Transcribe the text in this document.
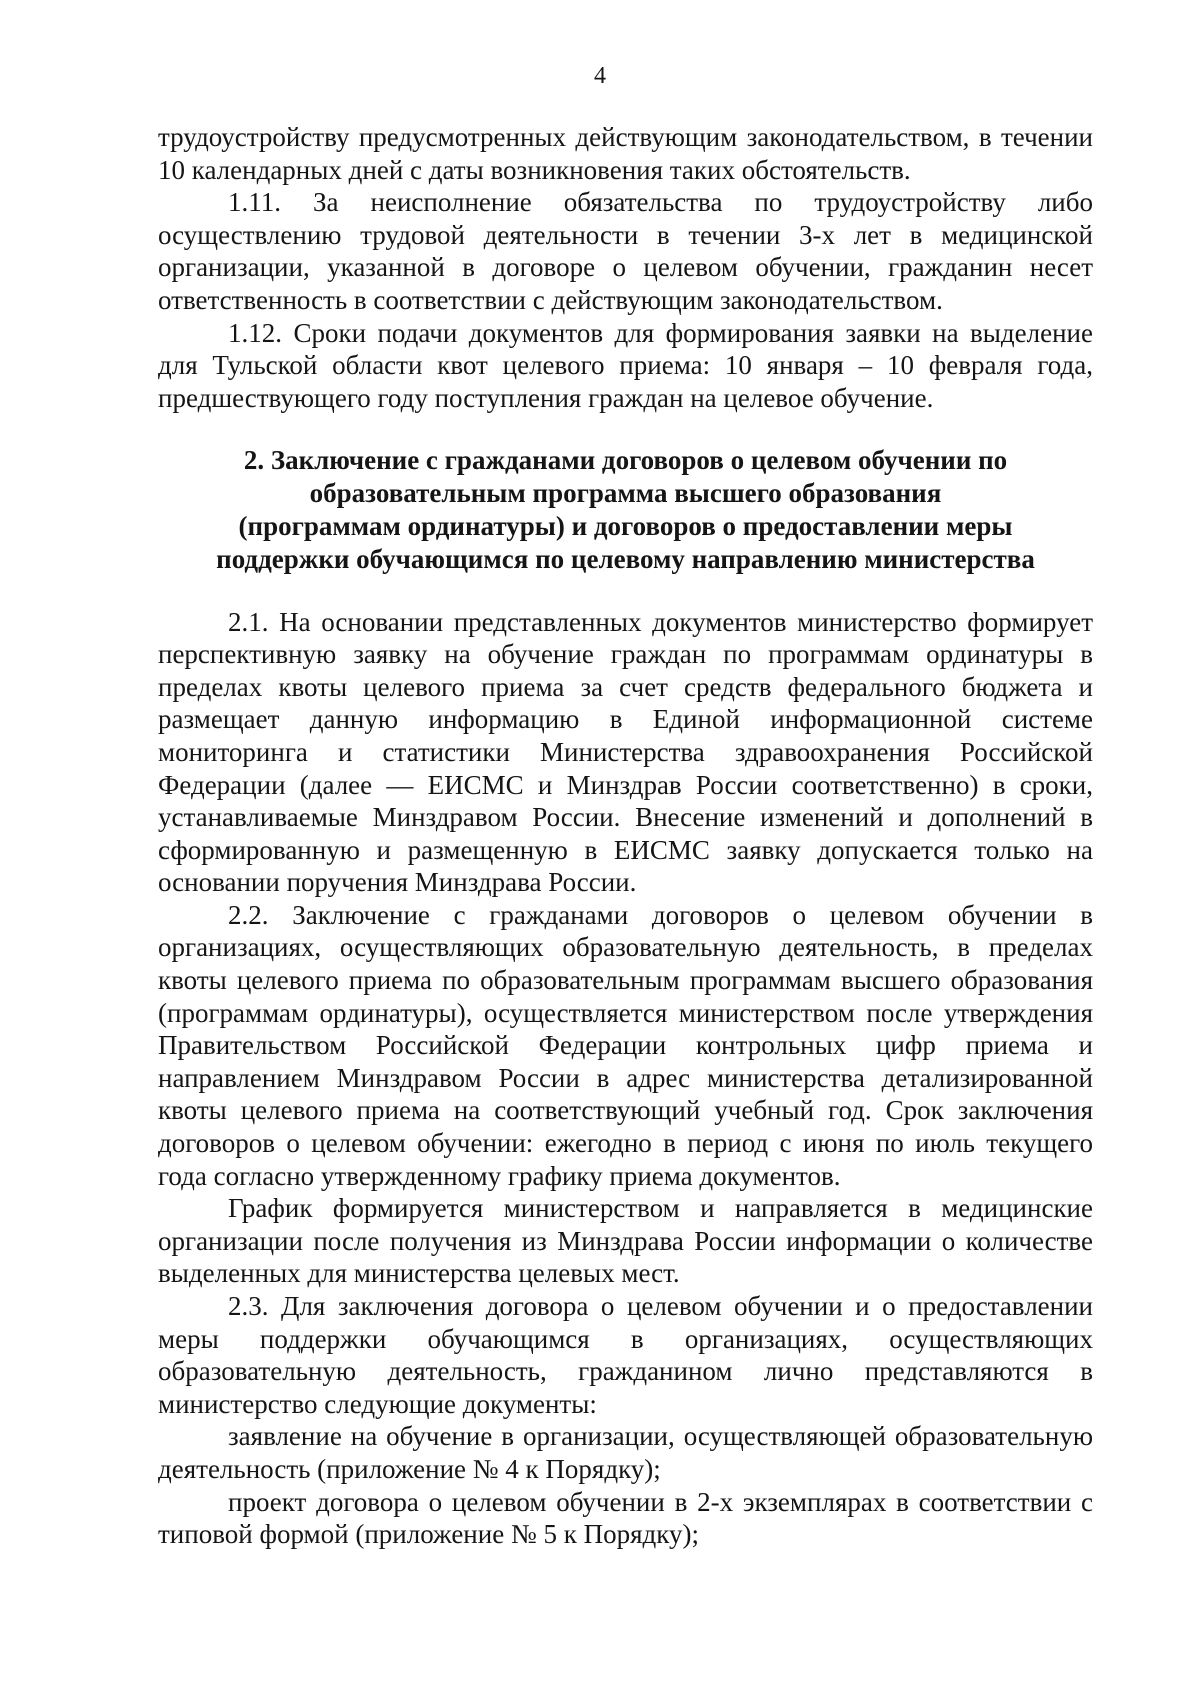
4

трудоустройству предусмотренных действующим законодательством, в течении 10 календарных дней с даты возникновения таких обстоятельств.

1.11. За неисполнение обязательства по трудоустройству либо осуществлению трудовой деятельности в течении 3-х лет в медицинской организации, указанной в договоре о целевом обучении, гражданин несет ответственность в соответствии с действующим законодательством.

1.12. Сроки подачи документов для формирования заявки на выделение для Тульской области квот целевого приема: 10 января – 10 февраля года, предшествующего году поступления граждан на целевое обучение.

2. Заключение с гражданами договоров о целевом обучении по
образовательным программа высшего образования
(программам ординатуры) и договоров о предоставлении меры
поддержки обучающимся по целевому направлению министерства

2.1. На основании представленных документов министерство формирует перспективную заявку на обучение граждан по программам ординатуры в пределах квоты целевого приема за счет средств федерального бюджета и размещает данную информацию в Единой информационной системе мониторинга и статистики Министерства здравоохранения Российской Федерации (далее — ЕИСМС и Минздрав России соответственно) в сроки, устанавливаемые Минздравом России. Внесение изменений и дополнений в сформированную и размещенную в ЕИСМС заявку допускается только на основании поручения Минздрава России.

2.2. Заключение с гражданами договоров о целевом обучении в организациях, осуществляющих образовательную деятельность, в пределах квоты целевого приема по образовательным программам высшего образования (программам ординатуры), осуществляется министерством после утверждения Правительством Российской Федерации контрольных цифр приема и направлением Минздравом России в адрес министерства детализированной квоты целевого приема на соответствующий учебный год. Срок заключения договоров о целевом обучении: ежегодно в период с июня по июль текущего года согласно утвержденному графику приема документов.

График формируется министерством и направляется в медицинские организации после получения из Минздрава России информации о количестве выделенных для министерства целевых мест.

2.3. Для заключения договора о целевом обучении и о предоставлении меры поддержки обучающимся в организациях, осуществляющих образовательную деятельность, гражданином лично представляются в министерство следующие документы:

заявление на обучение в организации, осуществляющей образовательную деятельность (приложение № 4 к Порядку);

проект договора о целевом обучении в 2-х экземплярах в соответствии с типовой формой (приложение № 5 к Порядку);
